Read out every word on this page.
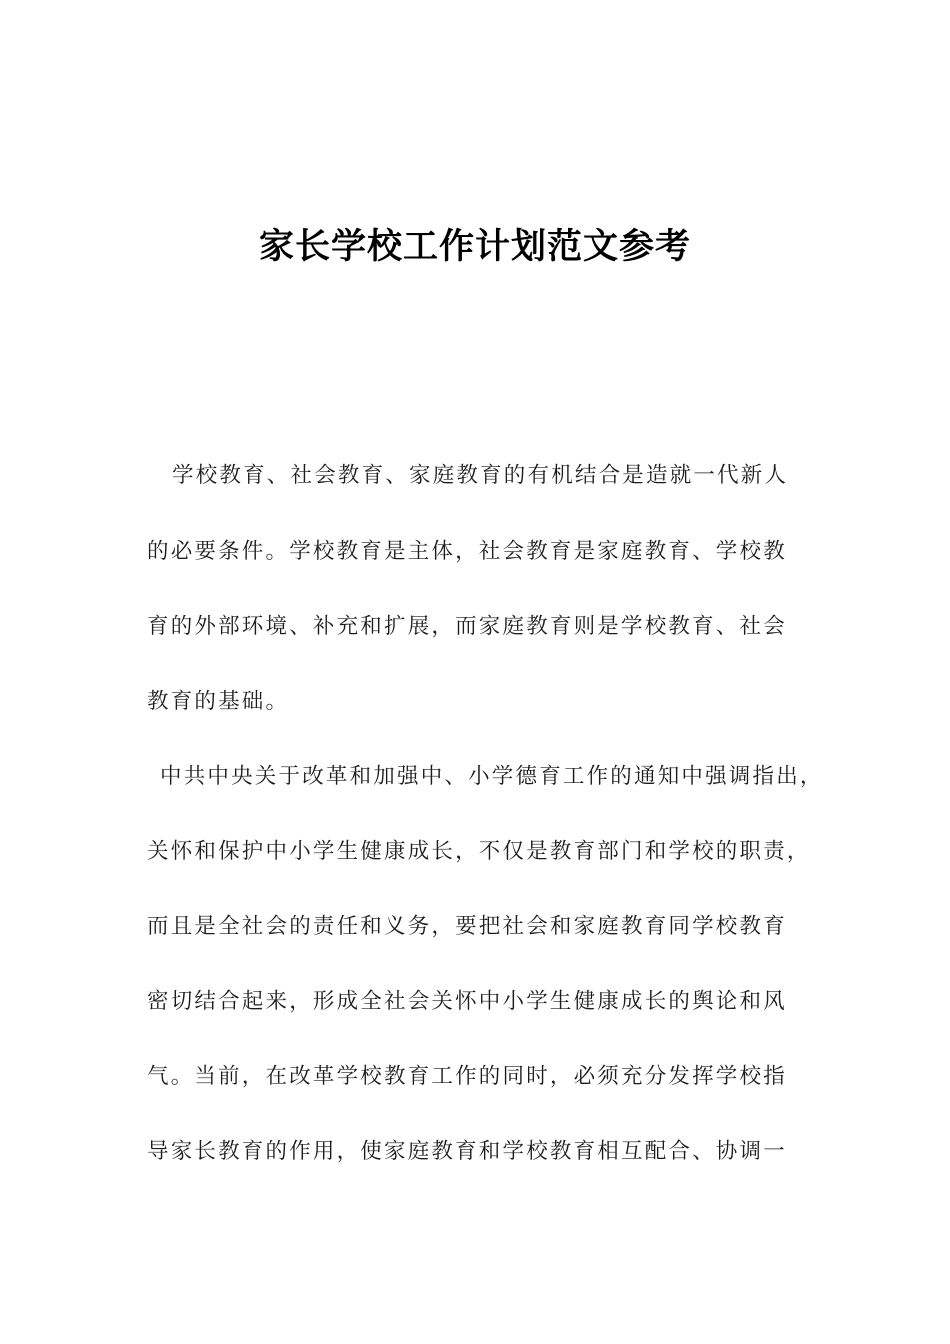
家长学校工作计划范文参考
学校教育、社会教育、家庭教育的有机结合是造就一代新人
的必要条件。学校教育是主体，社会教育是家庭教育、学校教
育的外部环境、补充和扩展，而家庭教育则是学校教育、社会
教育的基础。
中共中央关于改革和加强中、小学德育工作的通知中强调指出，
关怀和保护中小学生健康成长，不仅是教育部门和学校的职责，
而且是全社会的责任和义务，要把社会和家庭教育同学校教育
密切结合起来，形成全社会关怀中小学生健康成长的舆论和风
气。当前，在改革学校教育工作的同时，必须充分发挥学校指
导家长教育的作用，使家庭教育和学校教育相互配合、协调一
